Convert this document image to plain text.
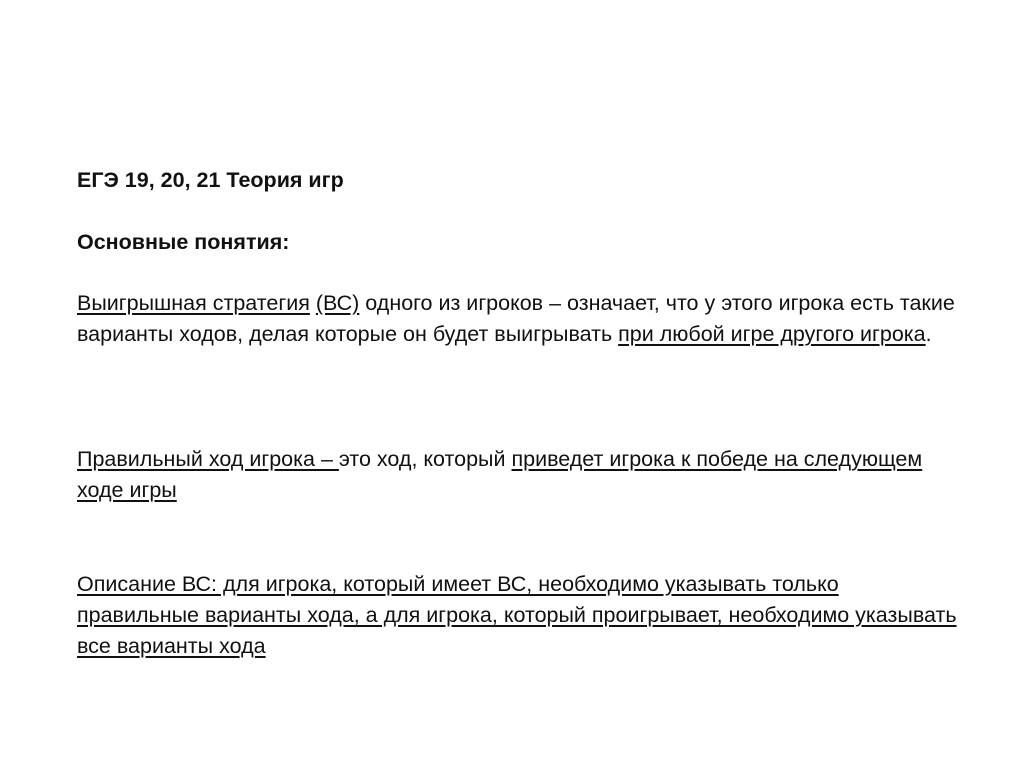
ЕГЭ 19, 20, 21 Теория игр

Основные понятия:

Выигрышная стратегия (ВС) одного из игроков – означает, что у этого игрока есть такие варианты ходов, делая которые он будет выигрывать при любой игре другого игрока.

Правильный ход игрока – это ход, который приведет игрока к победе на следующем ходе игры

Описание ВС: для игрока, который имеет ВС, необходимо указывать только правильные варианты хода, а для игрока, который проигрывает, необходимо указывать все варианты хода
